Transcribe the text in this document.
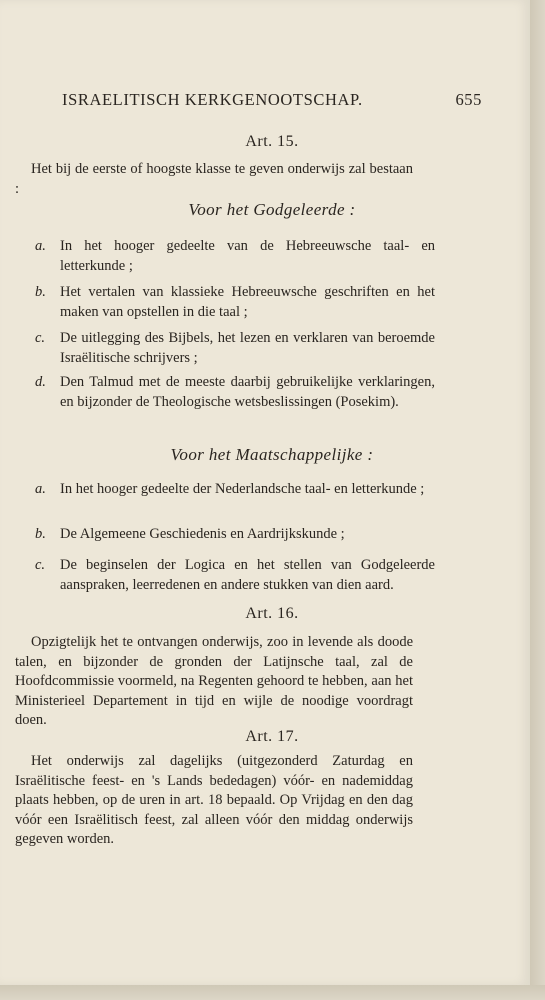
ISRAELITISCH KERKGENOOTSCHAP.	655
Art. 15.
Het bij de eerste of hoogste klasse te geven onderwijs zal bestaan :
Voor het Godgeleerde :
a. In het hooger gedeelte van de Hebreeuwsche taal- en letterkunde ;
b. Het vertalen van klassieke Hebreeuwsche geschriften en het maken van opstellen in die taal ;
c. De uitlegging des Bijbels, het lezen en verklaren van beroemde Israëlitische schrijvers ;
d. Den Talmud met de meeste daarbij gebruikelijke verklaringen, en bijzonder de Theologische wetsbeslissingen (Posekim).
Voor het Maatschappelijke :
a. In het hooger gedeelte der Nederlandsche taal- en letterkunde ;
b. De Algemeene Geschiedenis en Aardrijkskunde ;
c. De beginselen der Logica en het stellen van Godgeleerde aanspraken, leerredenen en andere stukken van dien aard.
Art. 16.
Opzigtelijk het te ontvangen onderwijs, zoo in levende als doode talen, en bijzonder de gronden der Latijnsche taal, zal de Hoofdcommissie voormeld, na Regenten gehoord te hebben, aan het Ministerieel Departement in tijd en wijle de noodige voordragt doen.
Art. 17.
Het onderwijs zal dagelijks (uitgezonderd Zaturdag en Israëlitische feest- en 's Lands bededagen) vóór- en nademiddag plaats hebben, op de uren in art. 18 bepaald. Op Vrijdag en den dag vóór een Israëlitisch feest, zal alleen vóór den middag onderwijs gegeven worden.
